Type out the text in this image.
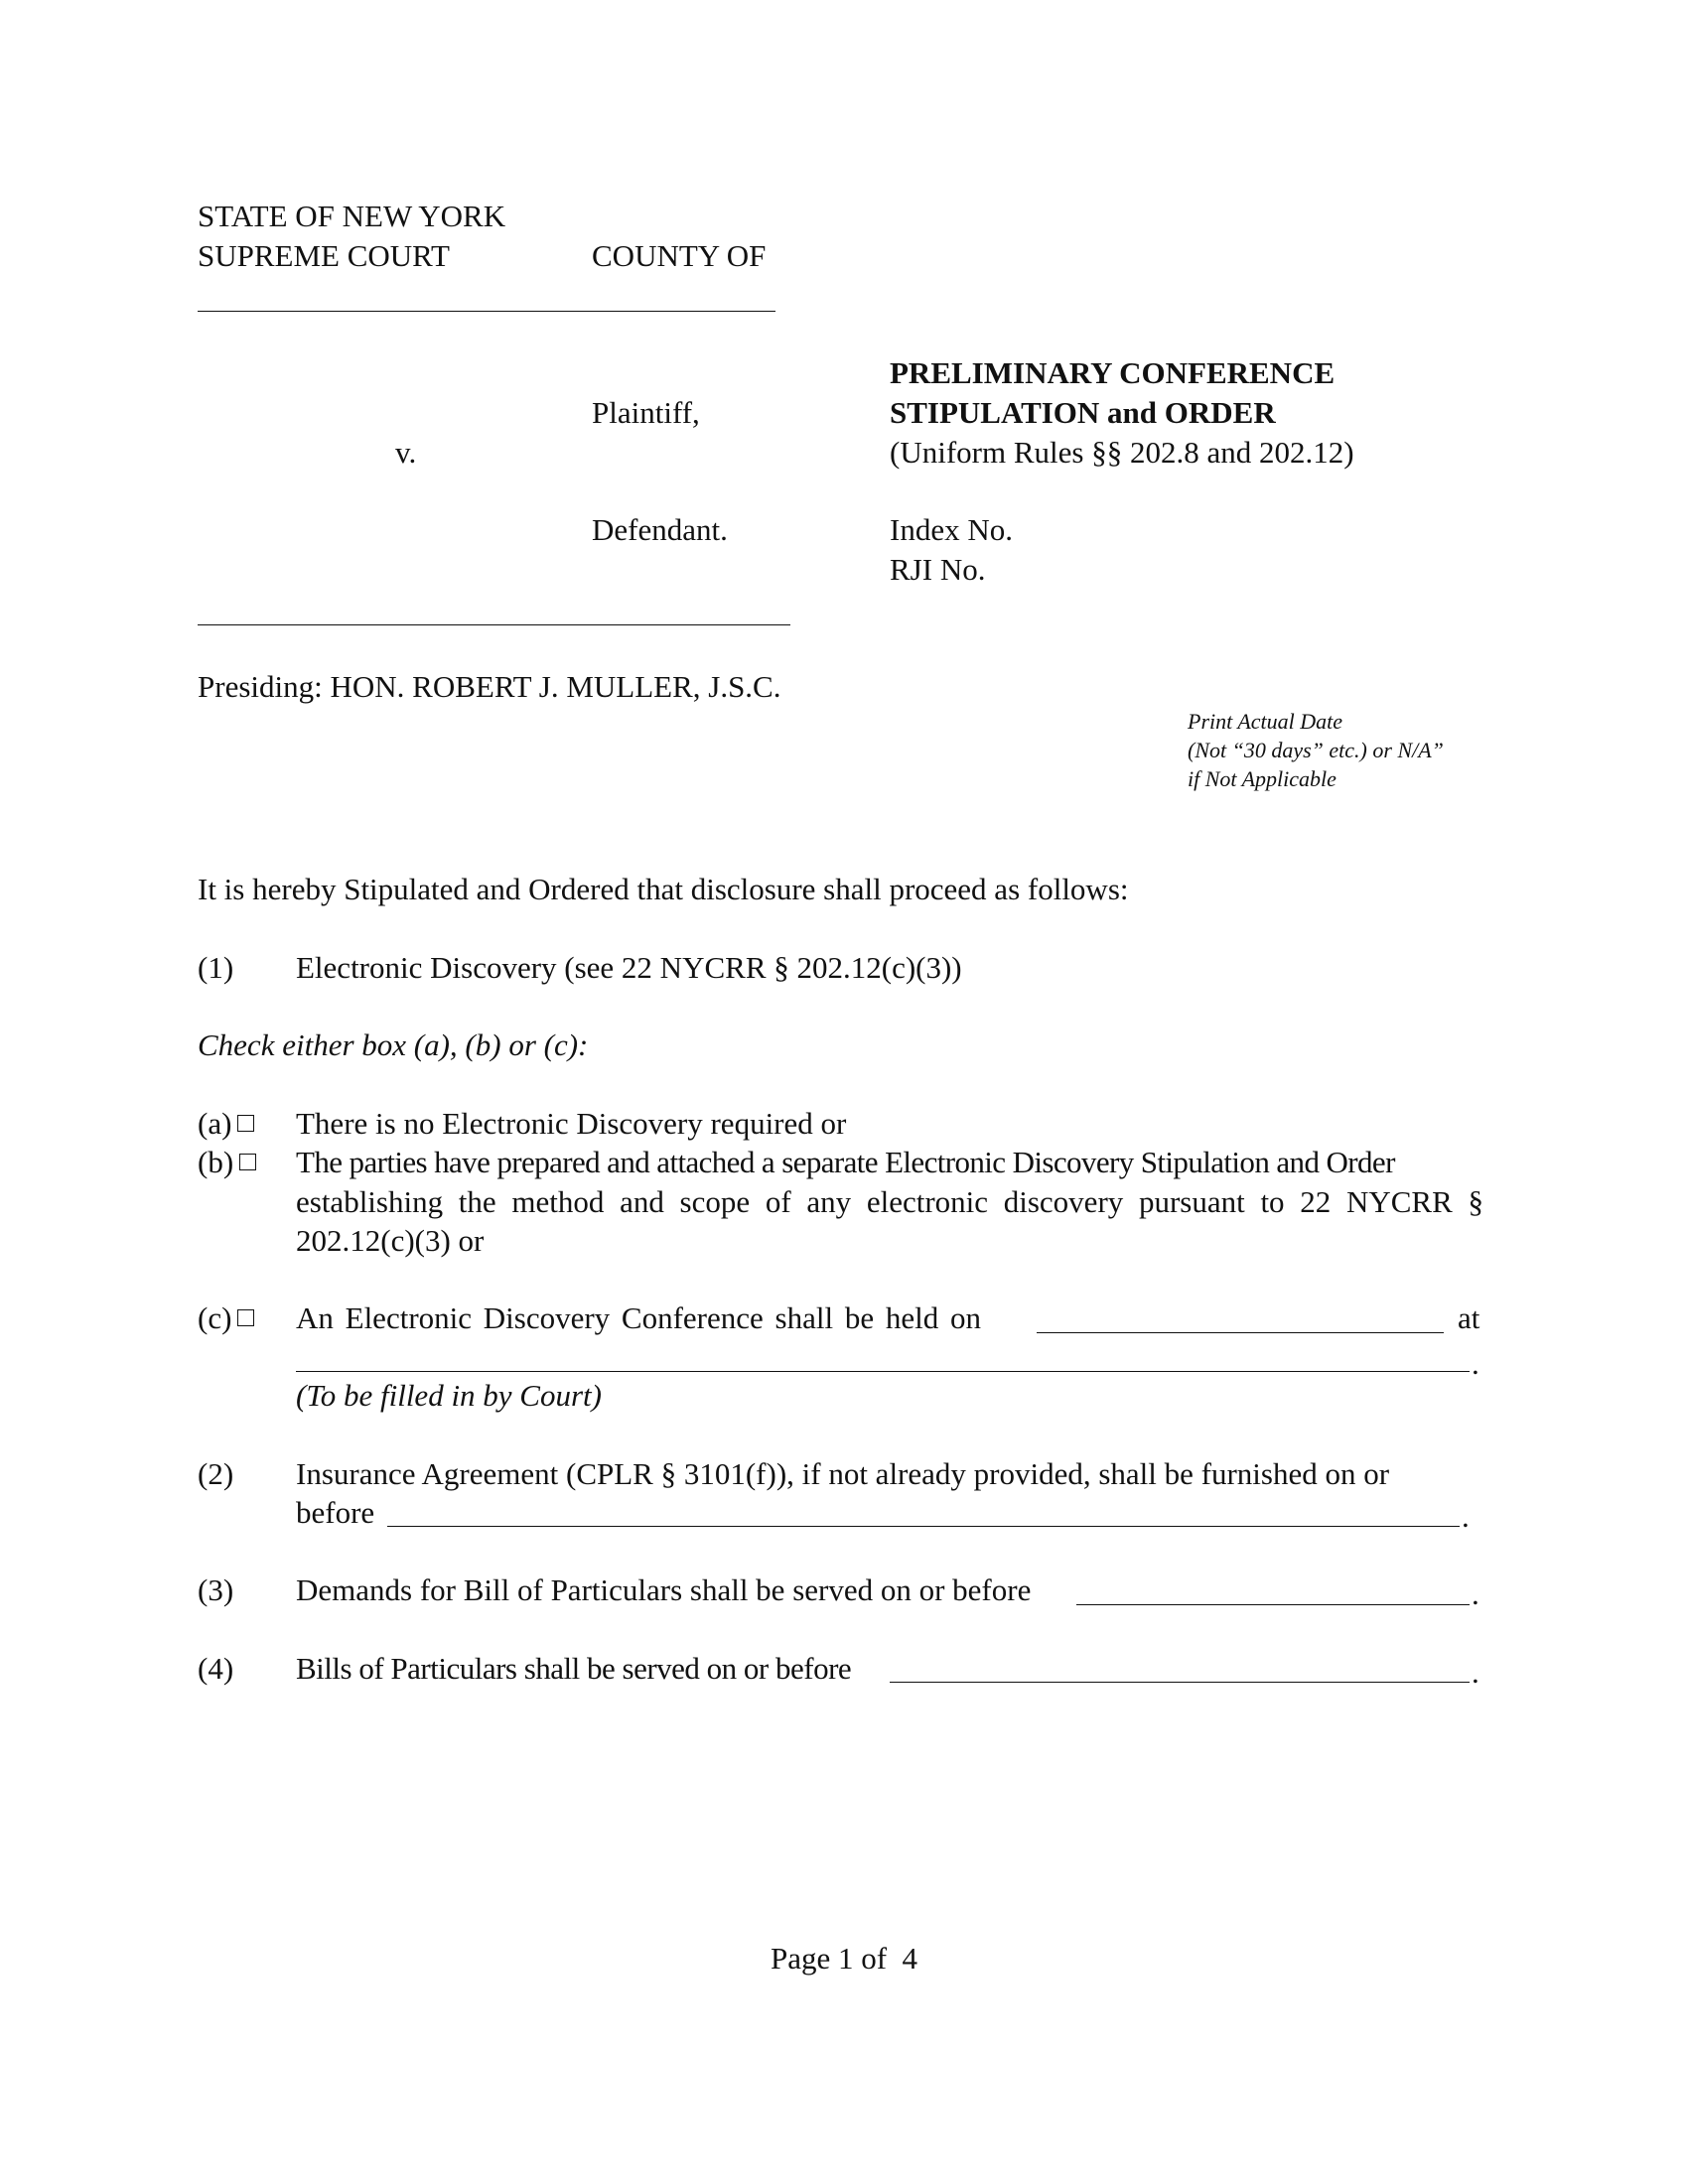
STATE OF NEW YORK
SUPREME COURT	COUNTY OF
Plaintiff,
v.
Defendant.
PRELIMINARY CONFERENCE
STIPULATION and ORDER
(Uniform Rules §§ 202.8 and 202.12)
Index No.
RJI No.
Presiding: HON. ROBERT J. MULLER, J.S.C.
Print Actual Date
(Not “30 days” etc.) or N/A”
if Not Applicable
It is hereby Stipulated and Ordered that disclosure shall proceed as follows:
(1) Electronic Discovery (see 22 NYCRR § 202.12(c)(3))
Check either box (a), (b) or (c):
(a)	There is no Electronic Discovery required or
(b)	The parties have prepared and attached a separate Electronic Discovery Stipulation and Order
establishing the method and scope of any electronic discovery pursuant to 22 NYCRR §
202.12(c)(3) or
(c)	An Electronic Discovery Conference shall be held on	at
.
(To be filled in by Court)
(2) Insurance Agreement (CPLR § 3101(f)), if not already provided, shall be furnished on or
before	.
(3) Demands for Bill of Particulars shall be served on or before	.
(4) Bills of Particulars shall be served on or before	.
Page 1 of  4
